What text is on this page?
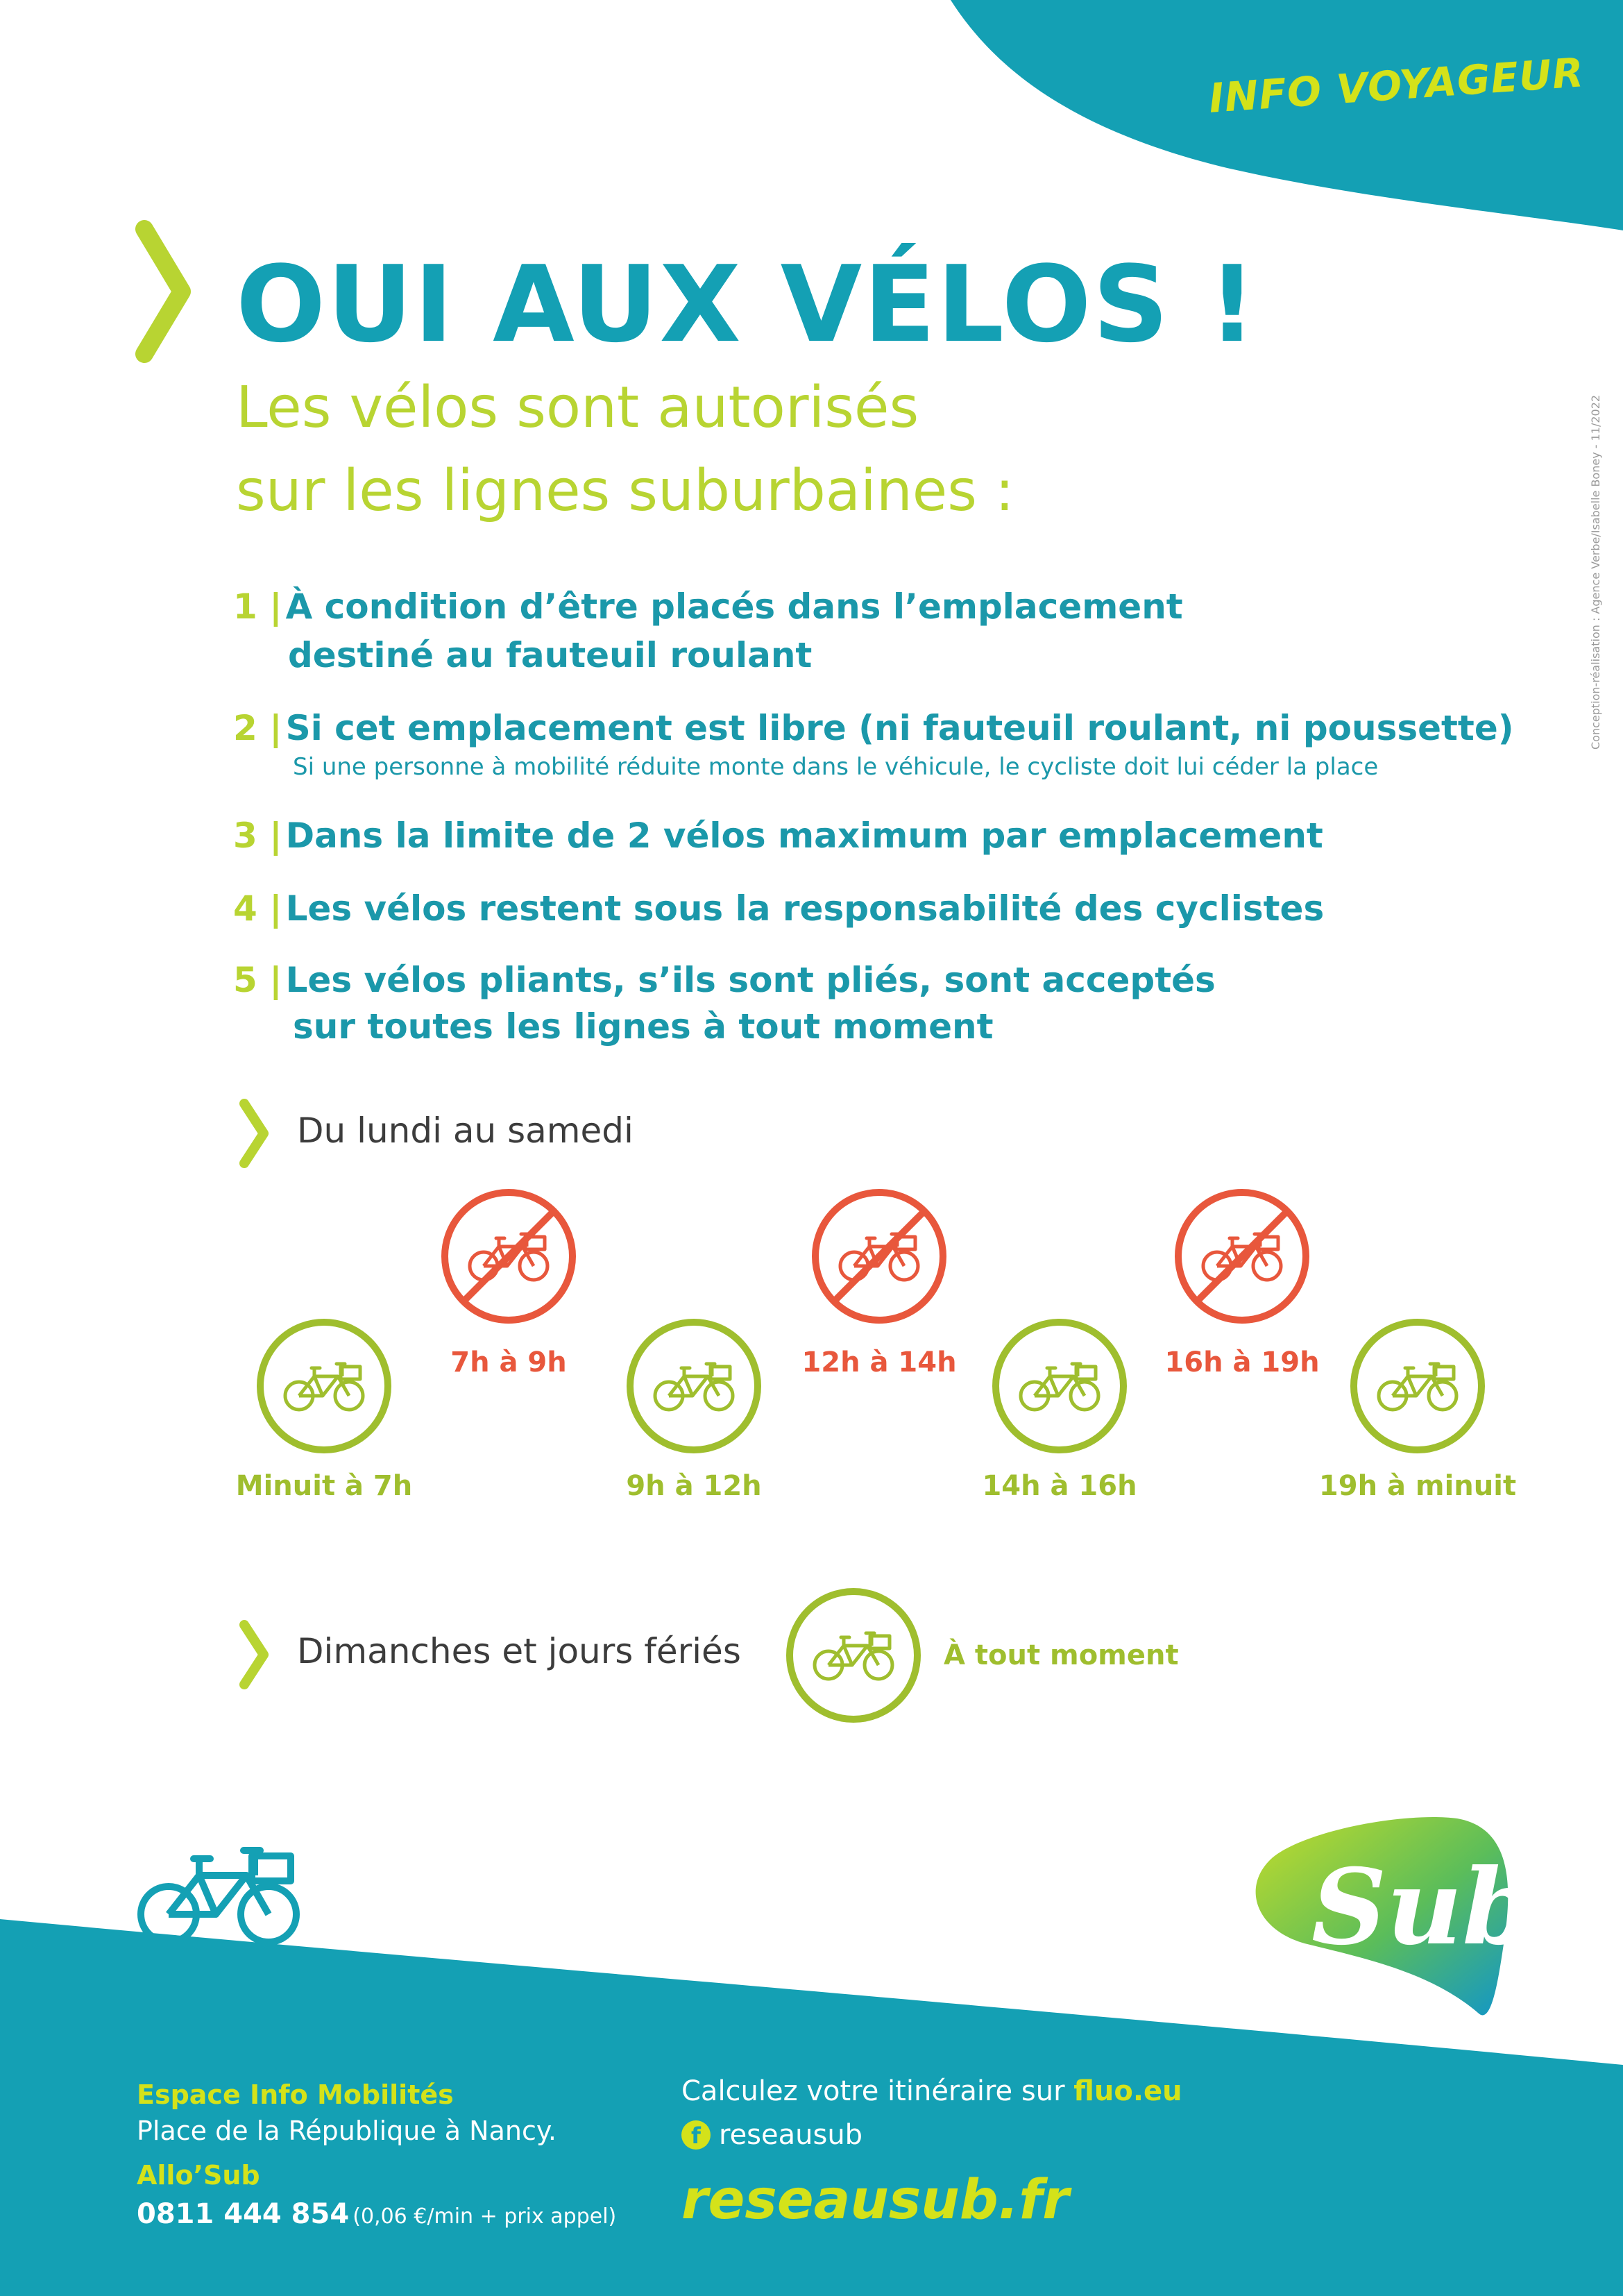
Conception-réalisation : Agence Verbe/Isabelle Boney - 11/2022
INFO VOYAGEUR
OUI AUX VÉLOS !
Les vélos sont autorisés
sur les lignes suburbaines :
1 | À condition d’être placés dans l’emplacement
destiné au fauteuil roulant
2 | Si cet emplacement est libre (ni fauteuil roulant, ni poussette)
Si une personne à mobilité réduite monte dans le véhicule, le cycliste doit lui céder la place
3 | Dans la limite de 2 vélos maximum par emplacement
4 | Les vélos restent sous la responsabilité des cyclistes
5 | Les vélos pliants, s’ils sont pliés, sont acceptés
sur toutes les lignes à tout moment
Du lundi au samedi
Minuit à 7h
7h à 9h
9h à 12h
12h à 14h
14h à 16h
16h à 19h
19h à minuit
Dimanches et jours fériés	À tout moment
Sub
Espace Info Mobilités
Place de la République à Nancy.
Allo’Sub
0811 444 854 (0,06 €/min + prix appel)
Calculez votre itinéraire sur fluo.eu
f reseausub
reseausub.fr
